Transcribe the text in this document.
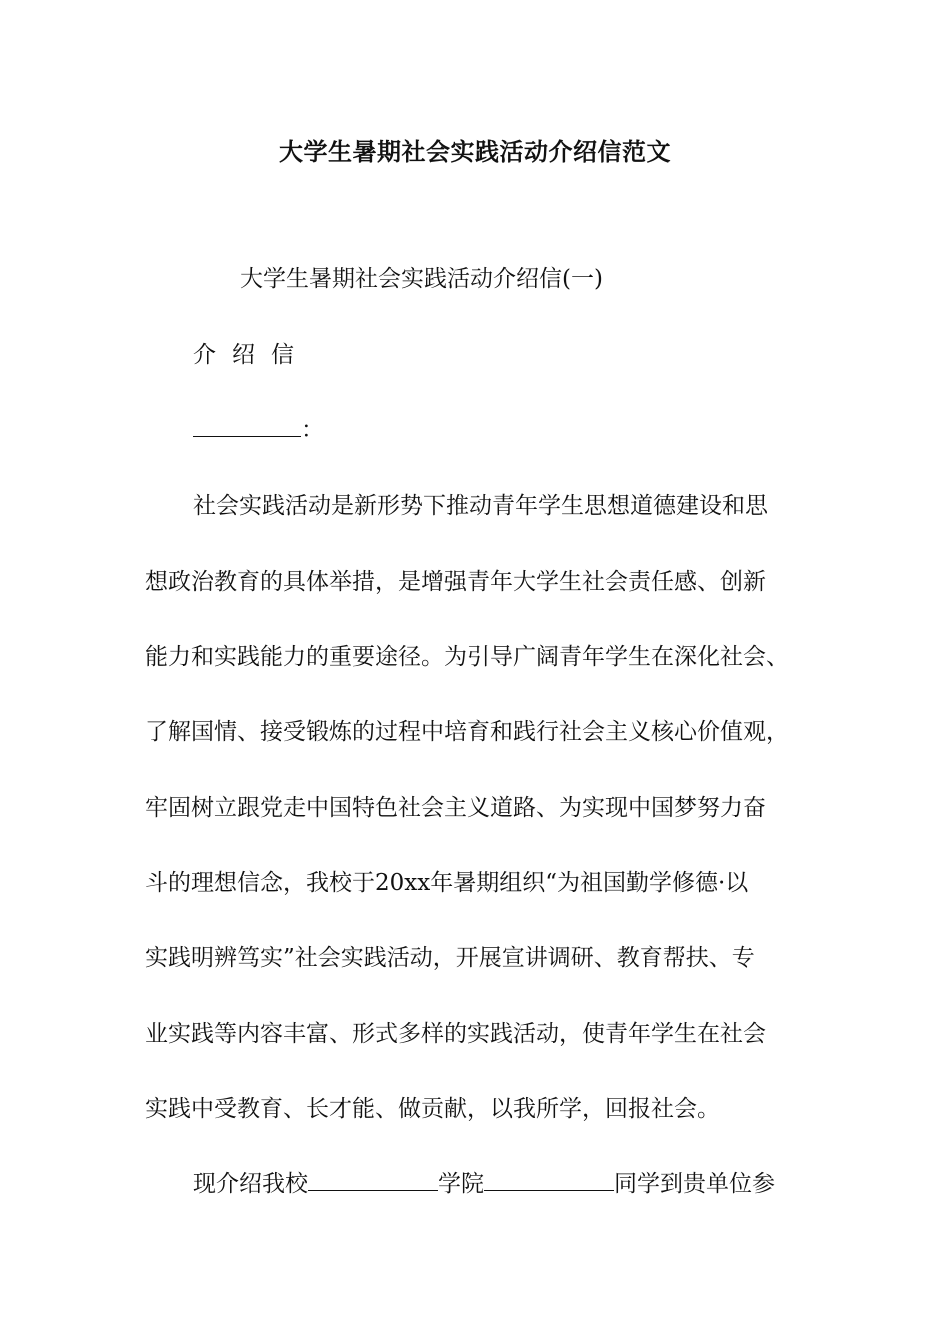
大学生暑期社会实践活动介绍信范文
大学生暑期社会实践活动介绍信(一)
介绍信
：
社会实践活动是新形势下推动青年学生思想道德建设和思
想政治教育的具体举措，是增强青年大学生社会责任感、创新
能力和实践能力的重要途径。为引导广阔青年学生在深化社会、
了解国情、接受锻炼的过程中培育和践行社会主义核心价值观，
牢固树立跟党走中国特色社会主义道路、为实现中国梦努力奋
斗的理想信念，我校于20xx年暑期组织“为祖国勤学修德·以
实践明辨笃实”社会实践活动，开展宣讲调研、教育帮扶、专
业实践等内容丰富、形式多样的实践活动，使青年学生在社会
实践中受教育、长才能、做贡献，以我所学，回报社会。
现介绍我校	学院	同学到贵单位参
